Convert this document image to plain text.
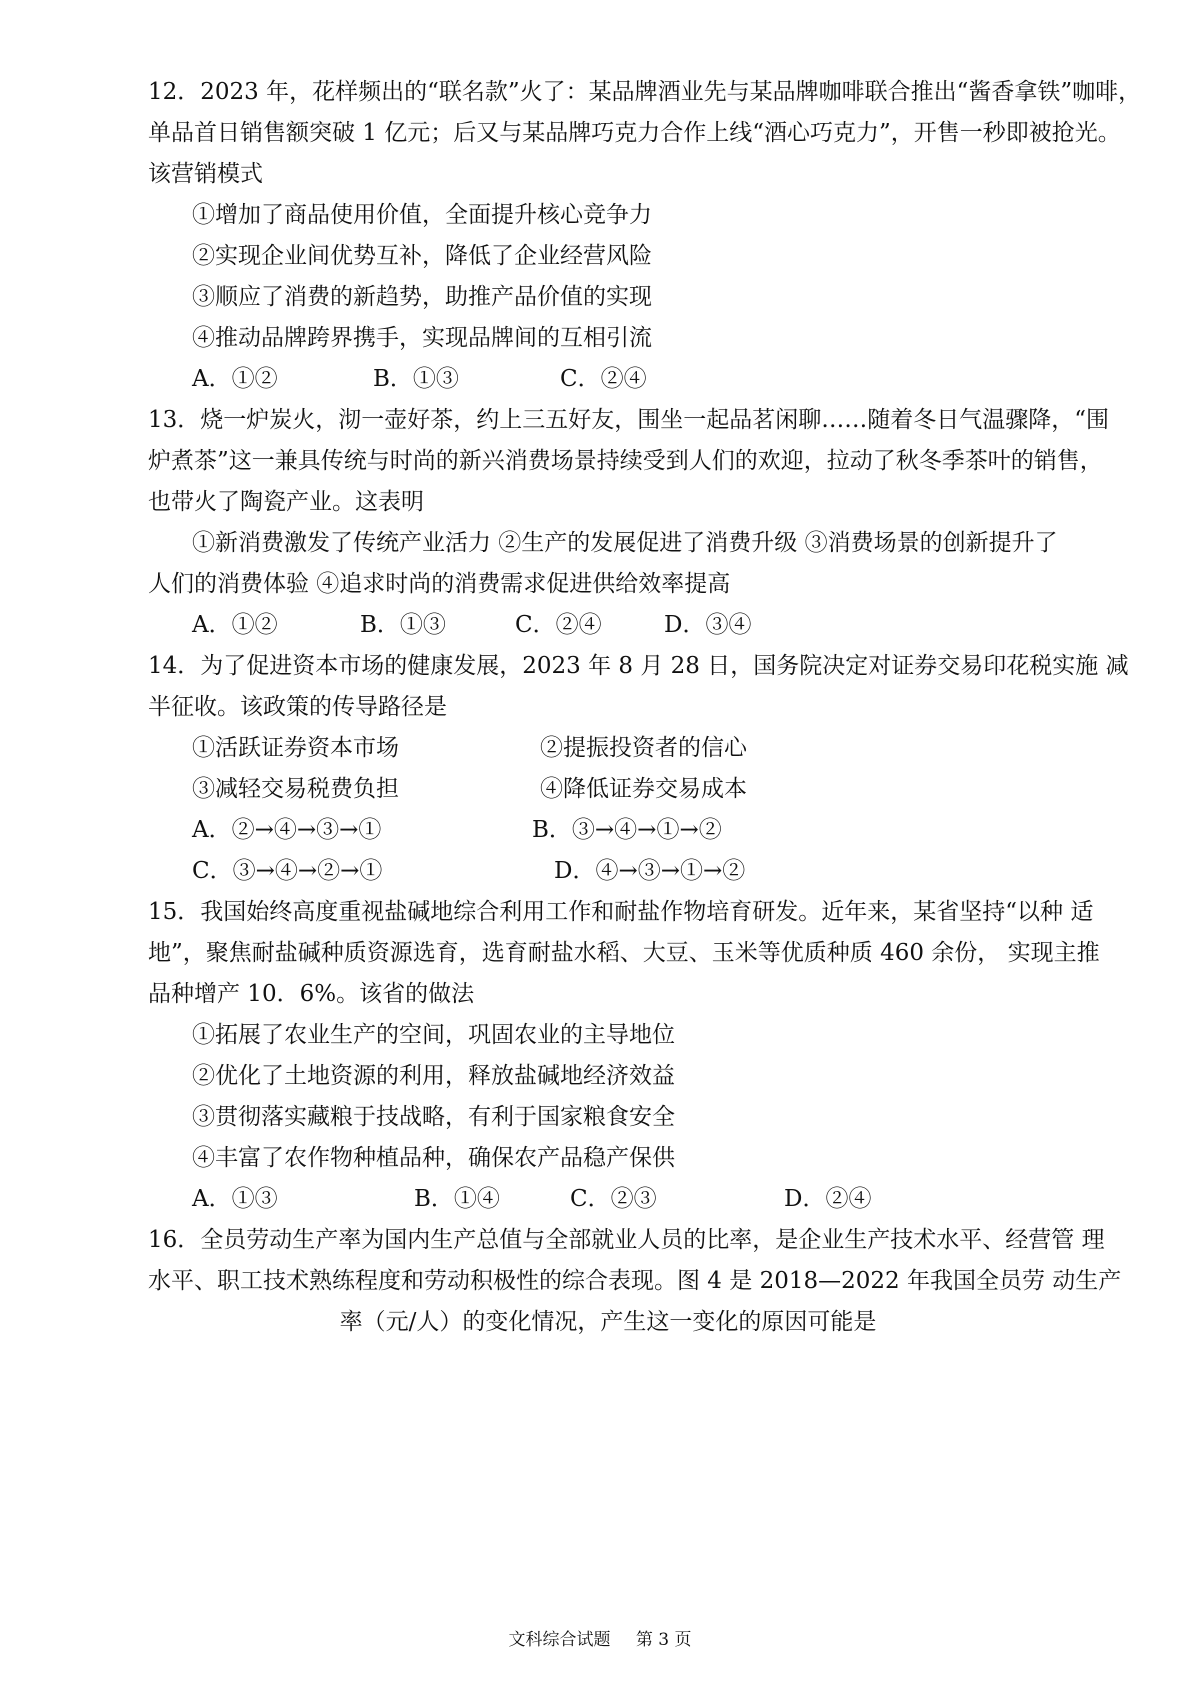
12．2023 年，花样频出的“联名款”火了：某品牌酒业先与某品牌咖啡联合推出“酱香拿铁”咖啡，
单品首日销售额突破 1 亿元；后又与某品牌巧克力合作上线“酒心巧克力”，开售一秒即被抢光。
该营销模式
①增加了商品使用价值，全面提升核心竞争力
②实现企业间优势互补，降低了企业经营风险
③顺应了消费的新趋势，助推产品价值的实现
④推动品牌跨界携手，实现品牌间的互相引流
A．①②	B．①③	C．②④
13．烧一炉炭火，沏一壶好茶，约上三五好友，围坐一起品茗闲聊……随着冬日气温骤降，“围
炉煮茶”这一兼具传统与时尚的新兴消费场景持续受到人们的欢迎，拉动了秋冬季茶叶的销售，
也带火了陶瓷产业。这表明
①新消费激发了传统产业活力 ②生产的发展促进了消费升级 ③消费场景的创新提升了
人们的消费体验 ④追求时尚的消费需求促进供给效率提高
A．①②	B．①③	C．②④	D．③④
14．为了促进资本市场的健康发展，2023 年 8 月 28 日，国务院决定对证券交易印花税实施 减
半征收。该政策的传导路径是
①活跃证券资本市场	②提振投资者的信心
③减轻交易税费负担	④降低证券交易成本
A．②→④→③→①	B．③→④→①→②
C．③→④→②→①	D．④→③→①→②
15．我国始终高度重视盐碱地综合利用工作和耐盐作物培育研发。近年来，某省坚持“以种 适
地”，聚焦耐盐碱种质资源选育，选育耐盐水稻、大豆、玉米等优质种质 460 余份， 实现主推
品种增产 10．6%。该省的做法
①拓展了农业生产的空间，巩固农业的主导地位
②优化了土地资源的利用，释放盐碱地经济效益
③贯彻落实藏粮于技战略，有利于国家粮食安全
④丰富了农作物种植品种，确保农产品稳产保供
A．①③	B．①④	C．②③	D．②④
16．全员劳动生产率为国内生产总值与全部就业人员的比率，是企业生产技术水平、经营管 理
水平、职工技术熟练程度和劳动积极性的综合表现。图 4 是 2018—2022 年我国全员劳 动生产
率（元/人）的变化情况，产生这一变化的原因可能是
文科综合试题 第 3 页
